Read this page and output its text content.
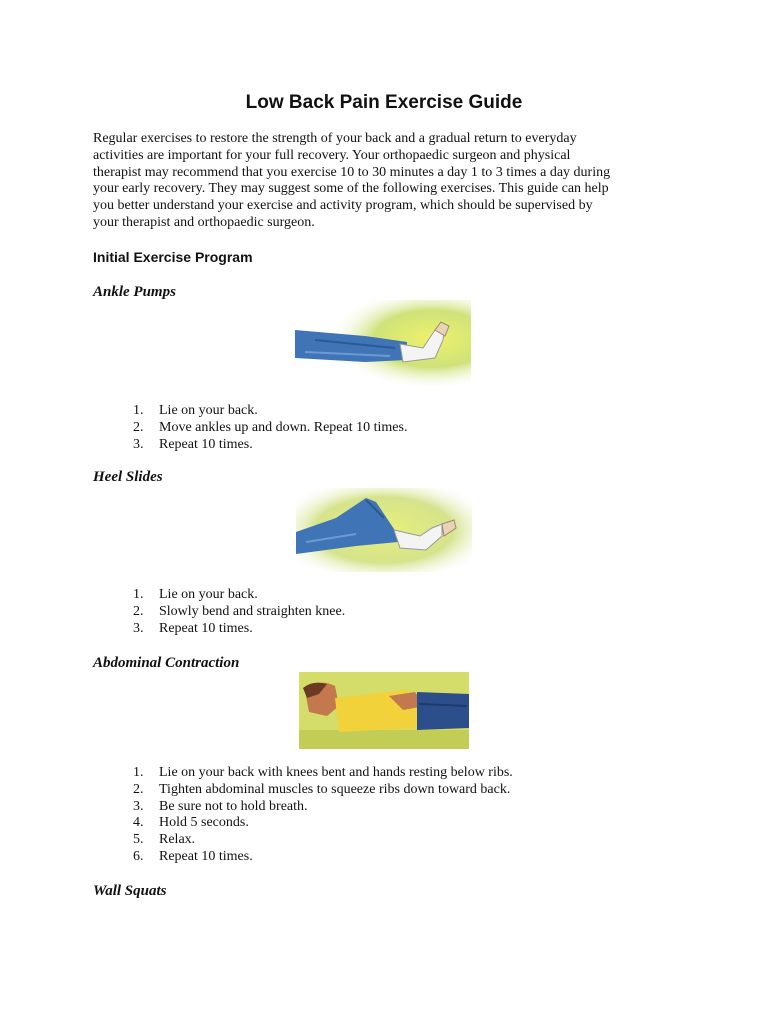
Low Back Pain Exercise Guide
Regular exercises to restore the strength of your back and a gradual return to everyday
activities are important for your full recovery. Your orthopaedic surgeon and physical
therapist may recommend that you exercise 10 to 30 minutes a day 1 to 3 times a day during
your early recovery. They may suggest some of the following exercises. This guide can help
you better understand your exercise and activity program, which should be supervised by
your therapist and orthopaedic surgeon.
Initial Exercise Program
Ankle Pumps
1. Lie on your back.
2. Move ankles up and down. Repeat 10 times.
3. Repeat 10 times.
Heel Slides
1. Lie on your back.
2. Slowly bend and straighten knee.
3. Repeat 10 times.
Abdominal Contraction
1. Lie on your back with knees bent and hands resting below ribs.
2. Tighten abdominal muscles to squeeze ribs down toward back.
3. Be sure not to hold breath.
4. Hold 5 seconds.
5. Relax.
6. Repeat 10 times.
Wall Squats
